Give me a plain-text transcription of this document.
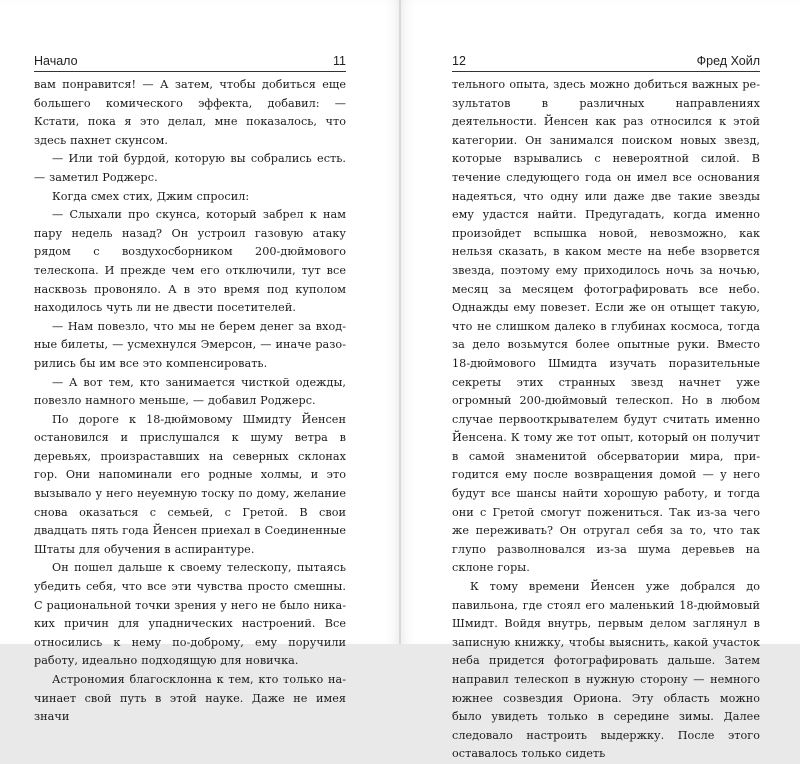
Начало	11

вам понравится! — А затем, чтобы добиться еще большего комического эффекта, добавил: — Кстати, пока я это делал, мне показалось, что здесь пахнет скунсом.

— Или той бурдой, которую вы собрались есть. — заметил Роджерс.

Когда смех стих, Джим спросил:

— Слыхали про скунса, который забрел к нам пару недель назад? Он устроил газовую атаку рядом с воздухосборником 200-дюймового телескопа. И прежде чем его отключили, тут все насквозь провоняло. А в это время под куполом находилось чуть ли не двести посетителей.

— Нам повезло, что мы не берем денег за входные билеты, — усмехнулся Эмерсон, — иначе разорились бы им все это компенсировать.

— А вот тем, кто занимается чисткой одежды, повезло намного меньше, — добавил Роджерс.

По дороге к 18-дюймовому Шмидту Йенсен остановился и прислушался к шуму ветра в деревьях, произраставших на северных склонах гор. Они напоминали его родные холмы, и это вызывало у него неуемную тоску по дому, желание снова оказаться с семьей, с Гретой. В свои двадцать пять года Йенсен приехал в Соединенные Штаты для обучения в аспирантуре.

Он пошел дальше к своему телескопу, пытаясь убедить себя, что все эти чувства просто смешны. С рациональной точки зрения у него не было никаких причин для упаднических настроений. Все относились к нему по-доброму, ему поручили работу, идеально подходящую для новичка.

Астрономия благосклонна к тем, кто только начинает свой путь в этой науке. Даже не имея значи

12	Фред Хойл

тельного опыта, здесь можно добиться важных результатов в различных направлениях деятельности. Йенсен как раз относился к этой категории. Он занимался поиском новых звезд, которые взрывались с невероятной силой. В течение следующего года он имел все основания надеяться, что одну или даже две такие звезды ему удастся найти. Предугадать, когда именно произойдет вспышка новой, невозможно, как нельзя сказать, в каком месте на небе взорвется звезда, поэтому ему приходилось ночь за ночью, месяц за месяцем фотографировать все небо. Однажды ему повезет. Если же он отыщет такую, что не слишком далеко в глубинах космоса, тогда за дело возьмутся более опытные руки. Вместо 18-дюймового Шмидта изучать поразительные секреты этих странных звезд начнет уже огромный 200-дюймовый телескоп. Но в любом случае первооткрывателем будут считать именно Йенсена. К тому же тот опыт, который он получит в самой знаменитой обсерватории мира, пригодится ему после возвращения домой — у него будут все шансы найти хорошую работу, и тогда они с Гретой смогут пожениться. Так из-за чего же переживать? Он отругал себя за то, что так глупо разволновался из-за шума деревьев на склоне горы.

К тому времени Йенсен уже добрался до павильона, где стоял его маленький 18-дюймовый Шмидт. Войдя внутрь, первым делом заглянул в записную книжку, чтобы выяснить, какой участок неба придется фотографировать дальше. Затем направил телескоп в нужную сторону — немного южнее созвездия Ориона. Эту область можно было увидеть только в середине зимы. Далее следовало настроить выдержку. После этого оставалось только сидеть
